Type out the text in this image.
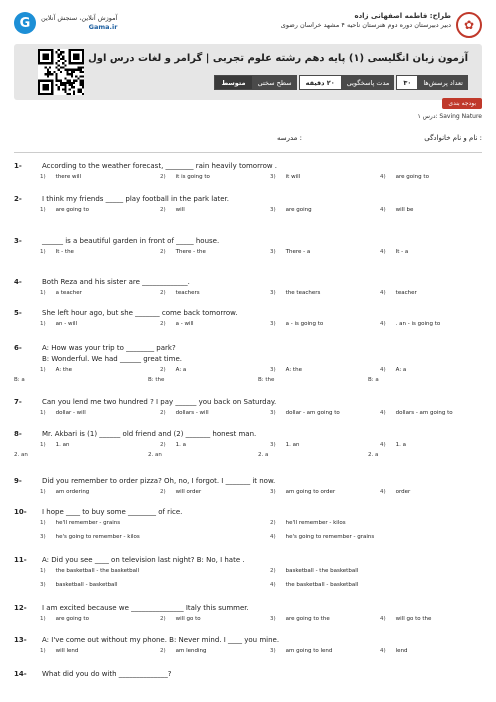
✿
طراح: فاطمه اصفهانی زاده
دبیر دبیرستان دوره دوم هنرستان ناحیه ۴ مشهد خراسان رضوی
G	آموزش آنلاین، سنجش آنلاین
Gama.ir
آزمون زبان انگلیسی (۱) پایه دهم رشته علوم تجربی | گرامر و لغات درس اول
تعداد پرسش‌ها
۳۰
مدت پاسخگویی
۲۰ دقیقه
سطح سختی
متوسط
بودجه بندی
درس ۱: Saving Nature
نام و نام خانوادگی :
مدرسه :
1-	According to the weather forecast, ________ rain heavily tomorrow .
1) there will	2) it is going to	3) it will	4) are going to
2-	I think my friends _____ play football in the park later.
1) are going to	2) will	3) are going	4) will be
3-	______ is a beautiful garden in front of _____ house.
1) It - the	2) There - the	3) There - a	4) It - a
4-	Both Reza and his sister are _____________.
1) a teacher	2) teachers	3) the teachers	4) teacher
5-	She left hour ago, but she _______ come back tomorrow.
1) an - will	2) a - will	3) a - is going to	4) . an - is going to
6-	A: How was your trip to ________ park?
B: Wonderful. We had ______ great time.
1) A: the	2) A: a	3) A: the	4) A: a
B: a	B: the	B: the	B: a
7-	Can you lend me two hundred ? I pay ______ you back on Saturday.
1) dollar - will	2) dollars - will	3) dollar - am going to	4) dollars - am going to
8-	Mr. Akbari is (1) ______ old friend and (2) _______ honest man.
1) 1. an	2) 1. a	3) 1. an	4) 1. a
2. an	2. an	2. a	2. a
9-	Did you remember to order pizza? Oh, no, I forgot. I _______ it now.
1) am ordering	2) will order	3) am going to order	4) order
10- I hope ____ to buy some ________ of rice.
1) he'll remember - grains	2) he'll remember - kilos
3) he's going to remember - kilos	4) he's going to remember - grains
11- A: Did you see ____ on television last night? B: No, I hate .
1) the basketball - the basketball	2) basketball - the basketball
3) basketball - basketball	4) the basketball - basketball
12- I am excited because we _______________ Italy this summer.
1) are going to	2) will go to	3) are going to the	4) will go to the
13- A: I've come out without my phone. B: Never mind. I ____ you mine.
1) will lend	2) am lending	3) am going to lend	4) lend
14- What did you do with ______________?
